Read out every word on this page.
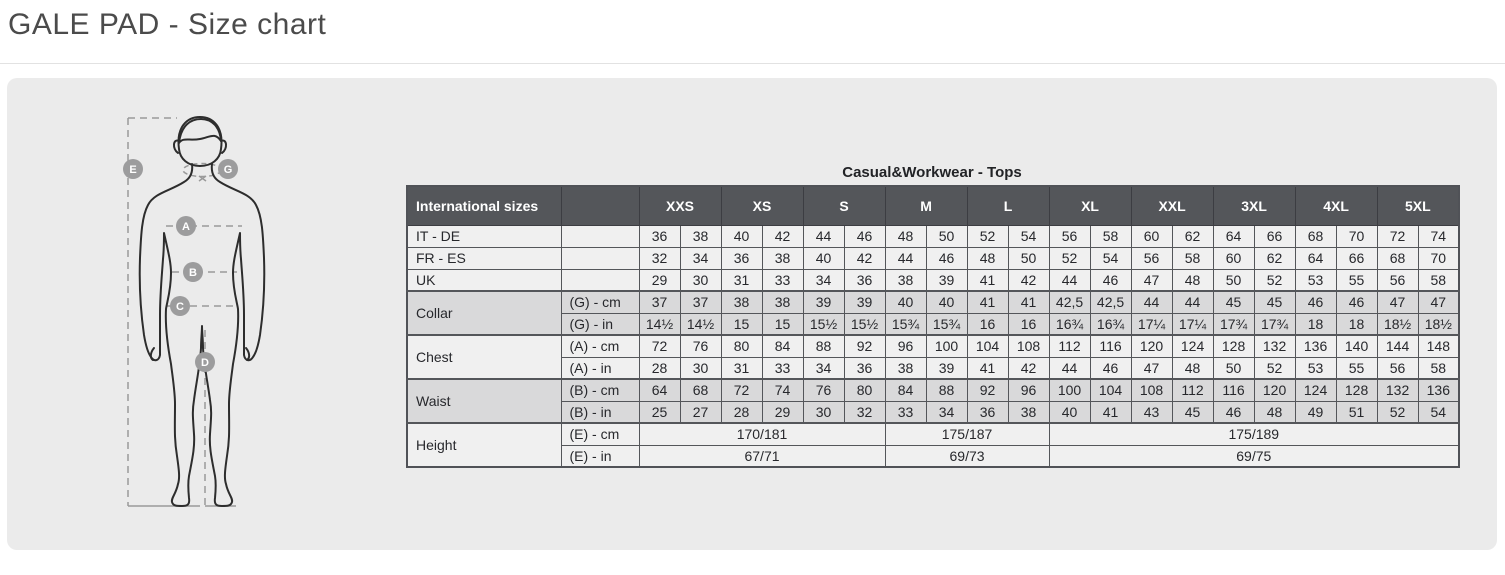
GALE PAD - Size chart
E	G
A
B
C
D
Casual&Workwear - Tops
International sizes		XXS		XS		S		M		L		XL		XXL		3XL		4XL		5XL	
IT - DE		36	38	40	42	44	46	48	50	52	54	56	58	60	62	64	66	68	70	72	74
FR - ES		32	34	36	38	40	42	44	46	48	50	52	54	56	58	60	62	64	66	68	70
UK		29	30	31	33	34	36	38	39	41	42	44	46	47	48	50	52	53	55	56	58
Collar	(G) - cm	37	37	38	38	39	39	40	40	41	41	42,5	42,5	44	44	45	45	46	46	47	47
	(G) - in	14½	14½	15	15	15½	15½	15¾	15¾	16	16	16¾	16¾	17¼	17¼	17¾	17¾	18	18	18½	18½
Chest	(A) - cm	72	76	80	84	88	92	96	100	104	108	112	116	120	124	128	132	136	140	144	148
	(A) - in	28	30	31	33	34	36	38	39	41	42	44	46	47	48	50	52	53	55	56	58
Waist	(B) - cm	64	68	72	74	76	80	84	88	92	96	100	104	108	112	116	120	124	128	132	136
	(B) - in	25	27	28	29	30	32	33	34	36	38	40	41	43	45	46	48	49	51	52	54
Height	(E) - cm	170/181						175/187				175/189									
	(E) - in	67/71						69/73				69/75									
